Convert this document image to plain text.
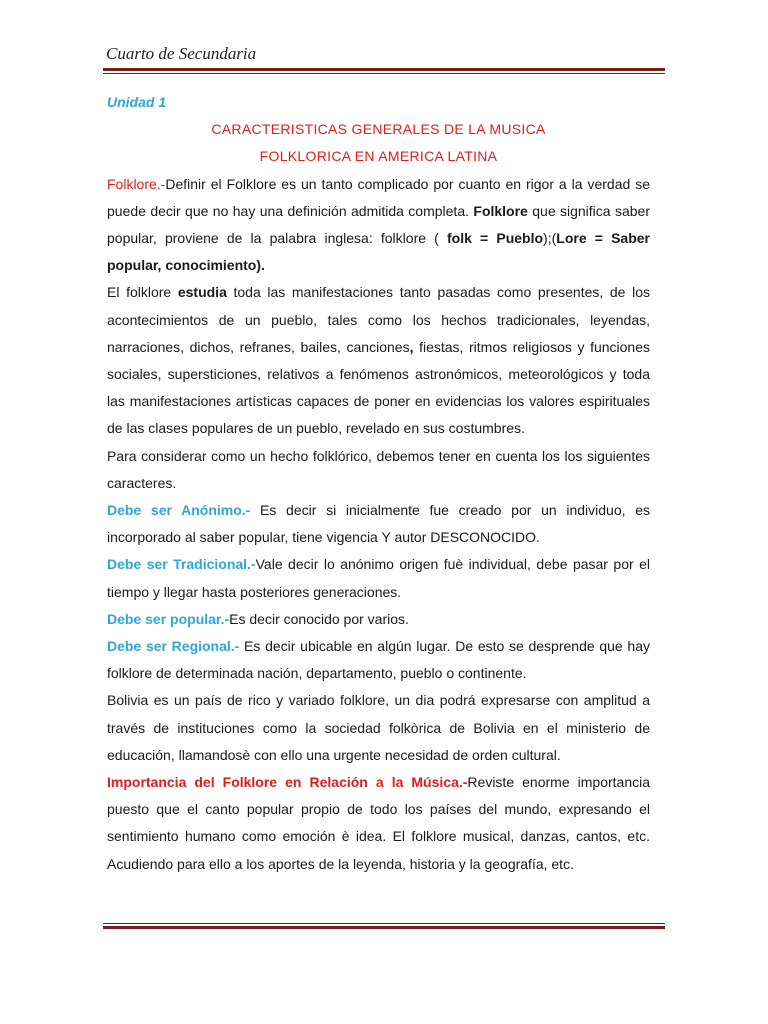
Cuarto de Secundaria

Unidad 1

CARACTERISTICAS GENERALES DE LA MUSICA

FOLKLORICA EN AMERICA LATINA

Folklore.-Definir el Folklore es un tanto complicado por cuanto en rigor a la verdad se puede decir que no hay una definición admitida completa. Folklore que significa saber popular, proviene de la palabra inglesa: folklore ( folk = Pueblo);(Lore = Saber popular, conocimiento).

El folklore estudia toda las manifestaciones tanto pasadas como presentes, de los acontecimientos de un pueblo, tales como los hechos tradicionales, leyendas, narraciones, dichos, refranes, bailes, canciones, fiestas, ritmos religiosos y funciones sociales, supersticiones, relativos a fenómenos astronómicos, meteorológicos y toda las manifestaciones artísticas capaces de poner en evidencias los valores espirituales de las clases populares de un pueblo, revelado en sus costumbres.

Para considerar como un hecho folklórico, debemos tener en cuenta los los siguientes caracteres.

Debe ser Anónimo.- Es decir si inicialmente fue creado por un individuo, es incorporado al saber popular, tiene vigencia Y autor DESCONOCIDO.

Debe ser Tradicional.-Vale decir lo anónimo origen fuè individual, debe pasar por el tiempo y llegar hasta posteriores generaciones.

Debe ser popular.-Es decir conocido por varios.

Debe ser Regional.- Es decir ubicable en algún lugar. De esto se desprende que hay folklore de determinada nación, departamento, pueblo o continente.

Bolivia es un país de rico y variado folklore, un dia podrá expresarse con amplitud a través de instituciones como la sociedad folkòrica de Bolivia en el ministerio de educación, llamandosè con ello una urgente necesidad de orden cultural.

Importancia del Folklore en Relación a la Música.-Reviste enorme importancia puesto que el canto popular propio de todo los países del mundo, expresando el sentimiento humano como emoción è idea. El folklore musical, danzas, cantos, etc. Acudiendo para ello a los aportes de la leyenda, historia y la geografía, etc.
